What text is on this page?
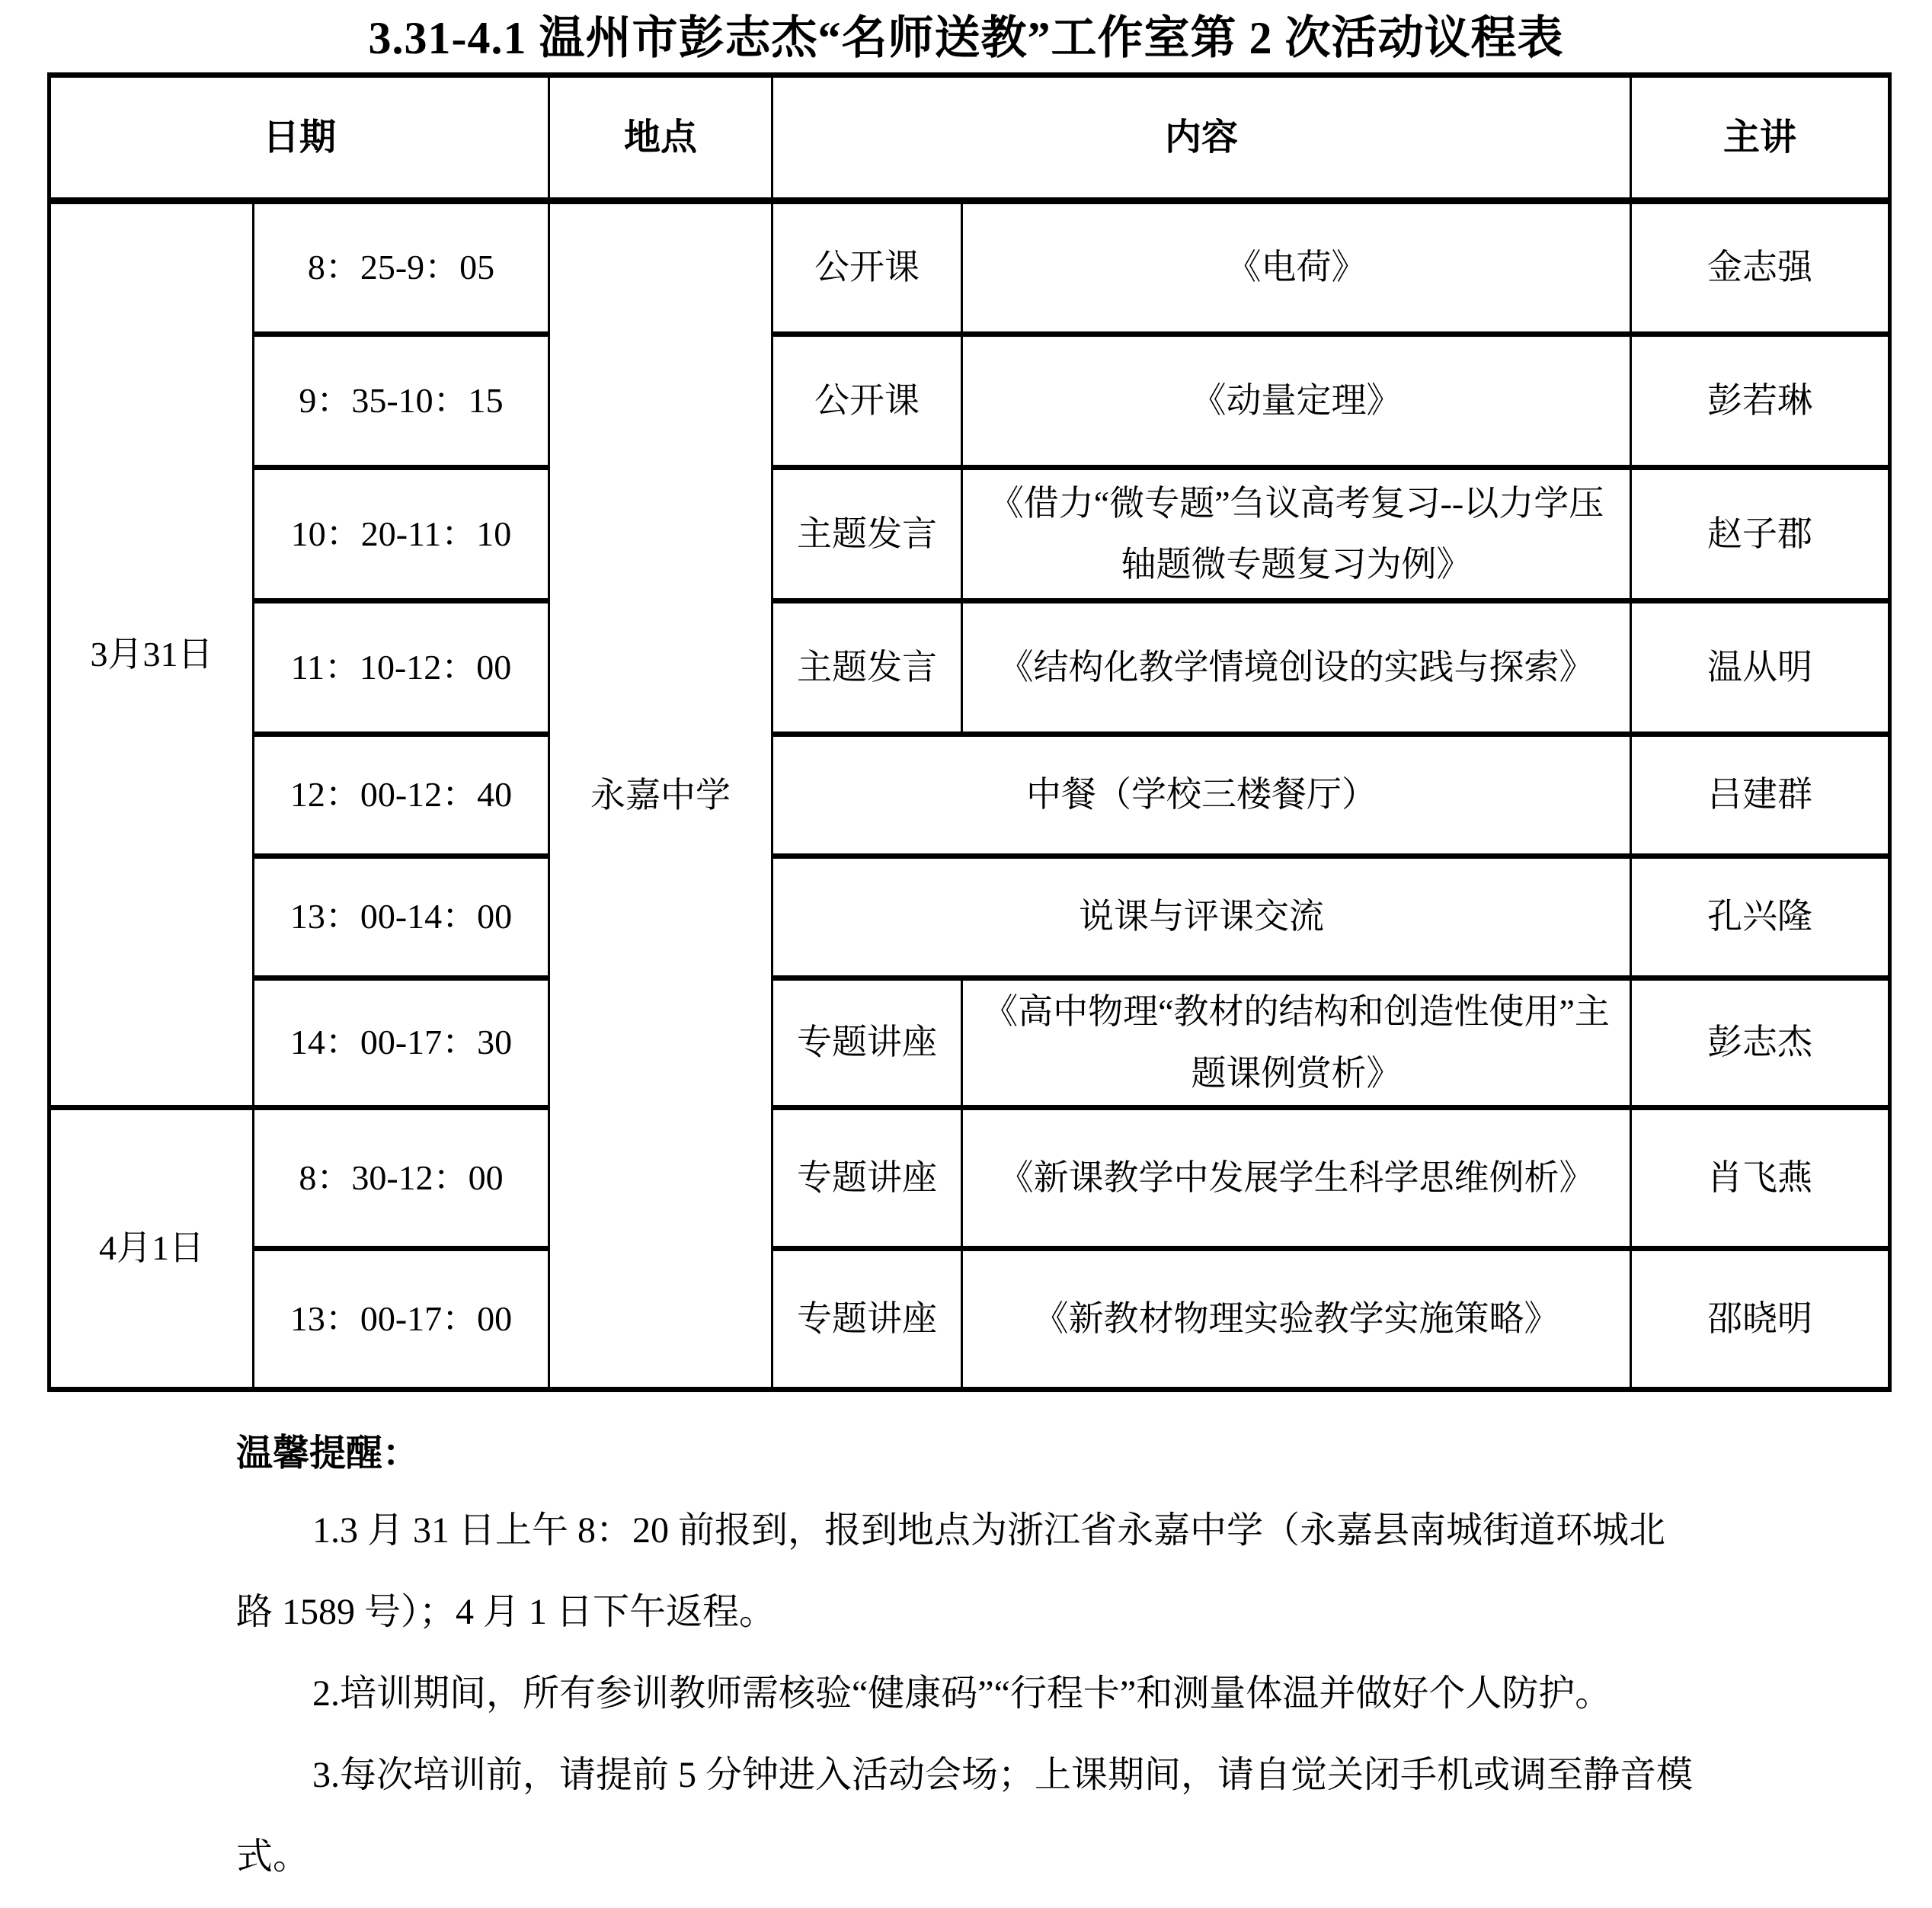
3.31-4.1 温州市彭志杰“名师送教”工作室第 2 次活动议程表
日期		地点	内容		主讲
3月31日	8：25-9：05	永嘉中学	公开课	《电荷》	金志强
	9：35-10：15		公开课	《动量定理》	彭若琳
	10：20-11：10		主题发言	《借力“微专题”刍议高考复习--以力学压轴题微专题复习为例》	赵子郡
	11：10-12：00		主题发言	《结构化教学情境创设的实践与探索》	温从明
	12：00-12：40		中餐（学校三楼餐厅）		吕建群
	13：00-14：00		说课与评课交流		孔兴隆
	14：00-17：30		专题讲座	《高中物理“教材的结构和创造性使用”主题课例赏析》	彭志杰
4月1日	8：30-12：00		专题讲座	《新课教学中发展学生科学思维例析》	肖飞燕
	13：00-17：00		专题讲座	《新教材物理实验教学实施策略》	邵晓明

温馨提醒：

1.3 月 31 日上午 8：20 前报到，报到地点为浙江省永嘉中学（永嘉县南城街道环城北

路 1589 号）；4 月 1 日下午返程。

2.培训期间，所有参训教师需核验“健康码”“行程卡”和测量体温并做好个人防护。

3.每次培训前，请提前 5 分钟进入活动会场；上课期间，请自觉关闭手机或调至静音模

式。
